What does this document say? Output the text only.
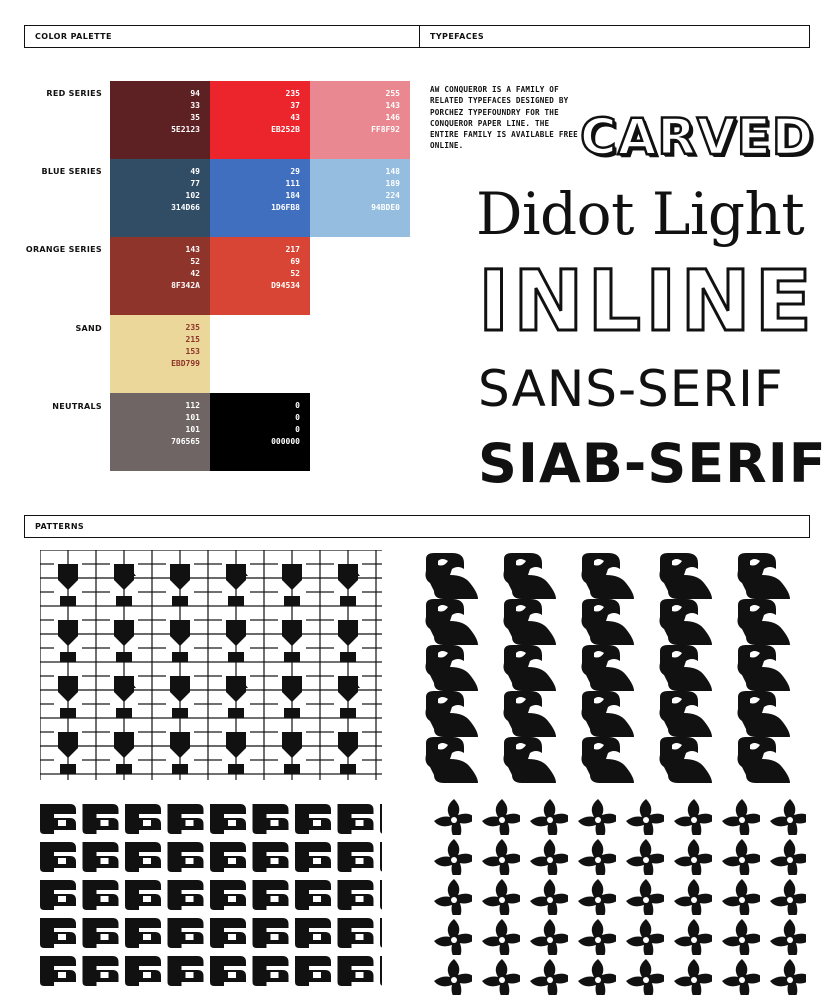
COLOR PALETTE	TYPEFACES
RED SERIES
BLUE SERIES
ORANGE SERIES
SAND
NEUTRALS
94
33
35
5E2123
235
37
43
EB252B
255
143
146
FF8F92
49
77
102
314D66
29
111
184
1D6FB8
148
189
224
94BDE0
143
52
42
8F342A
217
69
52
D94534
235
215
153
EBD799
112
101
101
706565
0
0
0
000000
AW CONQUEROR IS A FAMILY OF RELATED TYPEFACES DESIGNED BY PORCHEZ TYPEFOUNDRY FOR THE CONQUEROR PAPER LINE. THE ENTIRE FAMILY IS AVAILABLE FREE ONLINE.	CARVED
Didot Light
INLINE
SANS-SERIF
SIAB-SERIF
PATTERNS
